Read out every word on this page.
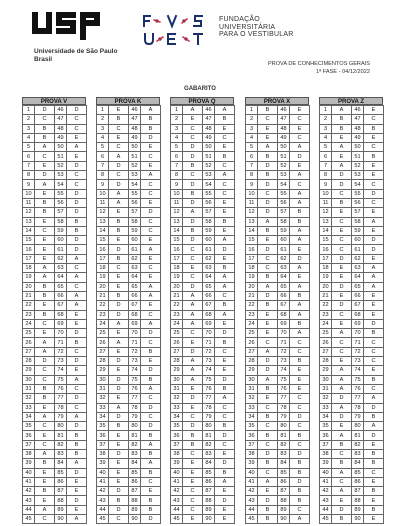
Universidade de São Paulo
Brasil
FUNDAÇÃO
UNIVERSITÁRIA
PARA O VESTIBULAR
PROVA DE CONHECIMENTOS GERAIS
1ª FASE - 04/12/2022
GABARITO
PROVA V
1	D	46	D
2	C	47	C
3	B	48	C
4	B	49	E
5	A	50	A
6	C	51	E
7	E	52	D
8	D	53	C
9	A	54	C
10	E	55	D
11	B	56	D
12	B	57	D
13	E	58	B
14	C	59	B
15	E	60	D
16	E	61	D
17	E	62	A
18	A	63	C
19	A	64	A
20	B	65	C
21	B	66	A
22	E	67	A
23	B	68	E
24	C	69	E
25	E	70	D
26	A	71	B
27	A	72	C
28	D	73	D
29	C	74	E
30	C	75	A
31	B	76	C
32	B	77	D
33	E	78	C
34	A	79	A
35	C	80	D
36	E	81	B
37	C	82	B
38	A	83	B
39	B	84	A
40	E	85	D
41	E	86	E
42	B	87	E
43	E	88	D
44	A	89	E
45	C	90	A
PROVA K
1	E	46	A
2	B	47	B
3	C	48	B
4	E	49	D
5	C	50	E
6	A	51	C
7	D	52	E
8	C	53	A
9	D	54	C
10	A	55	C
11	A	56	E
12	E	57	D
13	B	58	C
14	B	59	C
15	E	60	E
16	D	61	A
17	B	62	E
18	C	63	C
19	E	64	E
20	E	65	A
21	B	66	A
22	D	67	E
23	D	68	C
24	A	69	A
25	E	70	D
26	A	71	C
27	E	72	B
28	D	73	E
29	E	74	D
30	D	75	B
31	D	76	A
32	E	77	C
33	A	78	D
34	D	79	C
35	B	80	D
36	E	81	B
37	E	82	A
38	D	83	B
39	E	84	A
40	E	85	B
41	E	86	C
42	D	87	E
43	B	88	B
44	D	89	B
45	C	90	D
PROVA Q
1	A	46	A
2	E	47	B
3	C	48	E
4	C	49	C
5	D	50	E
6	D	51	B
7	B	52	C
8	C	53	A
9	D	54	C
10	B	55	C
11	D	56	E
12	A	57	E
13	D	58	B
14	B	59	E
15	D	60	A
16	C	61	D
17	C	62	E
18	E	63	B
19	C	64	A
20	D	65	A
21	A	66	C
22	A	67	B
23	A	68	A
24	A	69	E
25	C	70	D
26	E	71	B
27	D	72	C
28	A	73	E
29	A	74	E
30	A	75	D
31	E	76	B
32	D	77	A
33	E	78	C
34	C	79	C
35	D	80	B
36	B	81	D
37	B	82	C
38	C	83	E
39	E	84	D
40	E	85	B
41	E	86	A
42	C	87	E
43	C	88	D
44	C	89	E
45	E	90	E
PROVA X
1	B	46	E
2	C	47	C
3	E	48	E
4	E	49	C
5	A	50	A
6	B	51	D
7	D	52	E
8	B	53	A
9	D	54	C
10	C	55	A
11	D	56	A
12	D	57	B
13	A	58	B
14	B	59	A
15	E	60	A
16	D	61	E
17	C	62	D
18	C	63	A
19	B	64	E
20	A	65	A
21	D	66	B
22	B	67	A
23	E	68	A
24	E	69	B
25	E	70	A
26	C	71	C
27	A	72	C
28	D	73	B
29	D	74	E
30	A	75	E
31	B	76	E
32	E	77	C
33	C	78	C
34	B	79	D
35	C	80	C
36	B	81	B
37	C	82	C
38	D	83	D
39	B	84	B
40	C	85	B
41	A	86	D
42	E	87	B
43	D	88	B
44	B	89	C
45	B	90	A
PROVA Z
1	A	46	E
2	B	47	C
3	B	48	B
4	E	49	E
5	A	50	C
6	E	51	B
7	A	52	E
8	D	53	E
9	D	54	C
10	C	55	D
11	B	56	C
12	E	57	E
13	C	58	A
14	E	59	E
15	C	60	D
16	C	61	D
17	D	62	E
18	E	63	A
19	E	64	A
20	D	65	A
21	E	66	E
22	D	67	E
23	C	68	E
24	E	69	D
25	A	70	B
26	C	71	C
27	C	72	C
28	E	73	C
29	A	74	E
30	A	75	B
31	A	76	C
32	D	77	A
33	A	78	D
34	D	79	B
35	E	80	A
36	A	81	D
37	B	82	E
38	C	83	B
39	B	84	B
40	A	85	C
41	C	86	E
42	A	87	B
43	E	88	E
44	D	89	B
45	B	90	E
